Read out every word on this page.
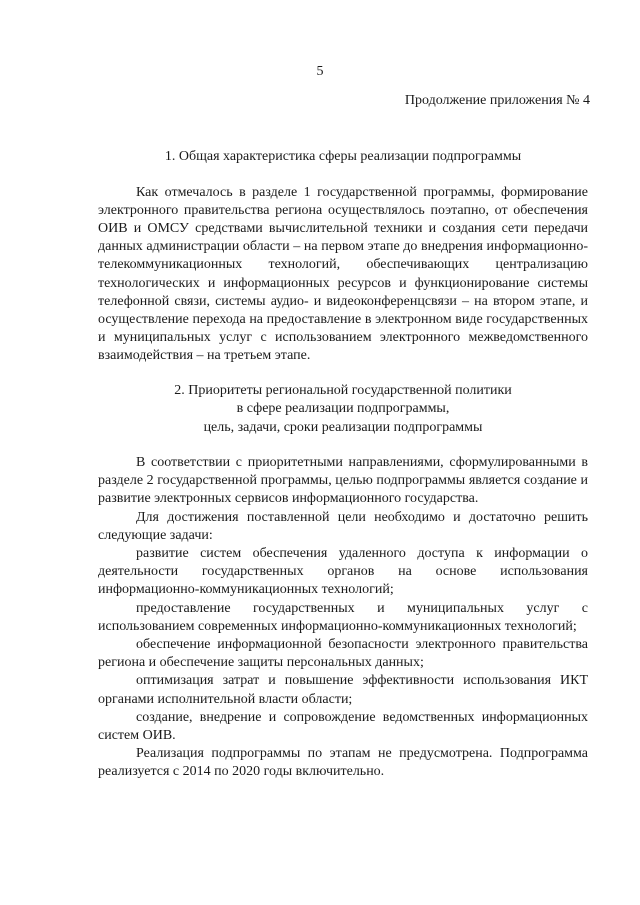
5
Продолжение приложения № 4
1. Общая характеристика сферы реализации подпрограммы

Как отмечалось в разделе 1 государственной программы, формирование электронного правительства региона осуществлялось поэтапно, от обеспечения ОИВ и ОМСУ средствами вычислительной техники и создания сети передачи данных администрации области – на первом этапе до внедрения информационно-телекоммуникационных технологий, обеспечивающих централизацию технологических и информационных ресурсов и функционирование системы телефонной связи, системы аудио- и видеоконференцсвязи – на втором этапе, и осуществление перехода на предоставление в электронном виде государственных и муниципальных услуг с использованием электронного межведомственного взаимодействия – на третьем этапе.

2. Приоритеты региональной государственной политики
в сфере реализации подпрограммы,
цель, задачи, сроки реализации подпрограммы

В соответствии с приоритетными направлениями, сформулированными в разделе 2 государственной программы, целью подпрограммы является создание и развитие электронных сервисов информационного государства.

Для достижения поставленной цели необходимо и достаточно решить следующие задачи:

развитие систем обеспечения удаленного доступа к информации о деятельности государственных органов на основе использования информационно-коммуникационных технологий;

предоставление государственных и муниципальных услуг с использованием современных информационно-коммуникационных технологий;

обеспечение информационной безопасности электронного правительства региона и обеспечение защиты персональных данных;

оптимизация затрат и повышение эффективности использования ИКТ органами исполнительной власти области;

создание, внедрение и сопровождение ведомственных информационных систем ОИВ.

Реализация подпрограммы по этапам не предусмотрена. Подпрограмма реализуется с 2014 по 2020 годы включительно.
